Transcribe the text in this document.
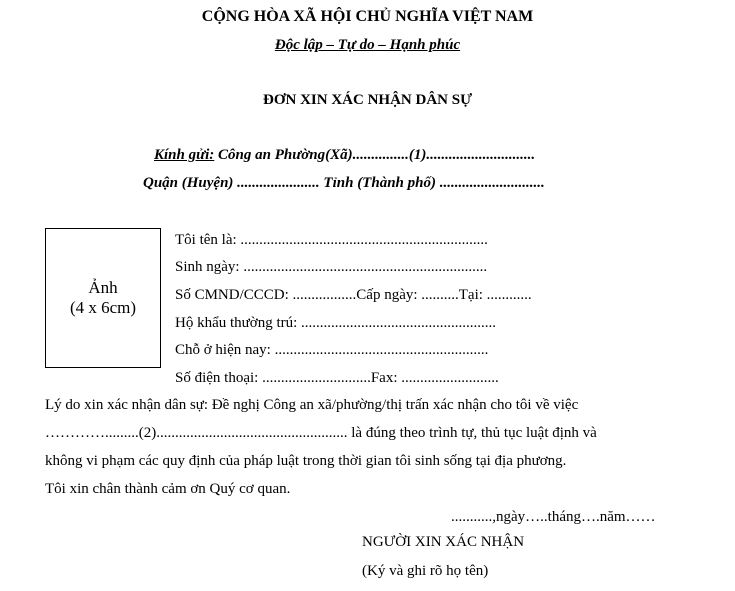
CỘNG HÒA XÃ HỘI CHỦ NGHĨA VIỆT NAM
Độc lập – Tự do – Hạnh phúc
ĐƠN XIN XÁC NHẬN DÂN SỰ
Kính gửi: Công an Phường(Xã)...............(1).............................
Quận (Huyện) ...................... Tỉnh (Thành phố) ............................
Ảnh
(4 x 6cm)
Tôi tên là: ..................................................................
Sinh ngày: .................................................................
Số CMND/CCCD: .................Cấp ngày: ..........Tại: ............
Hộ khẩu thường trú: ....................................................
Chỗ ở hiện nay: .........................................................
Số điện thoại: .............................Fax: ..........................
Lý do xin xác nhận dân sự: Đề nghị Công an xã/phường/thị trấn xác nhận cho tôi về việc
………….........(2)................................................... là đúng theo trình tự, thủ tục luật định và
không vi phạm các quy định của pháp luật trong thời gian tôi sinh sống tại địa phương.
Tôi xin chân thành cảm ơn Quý cơ quan.
...........,ngày…..tháng….năm……
NGƯỜI XIN XÁC NHẬN
(Ký và ghi rõ họ tên)
